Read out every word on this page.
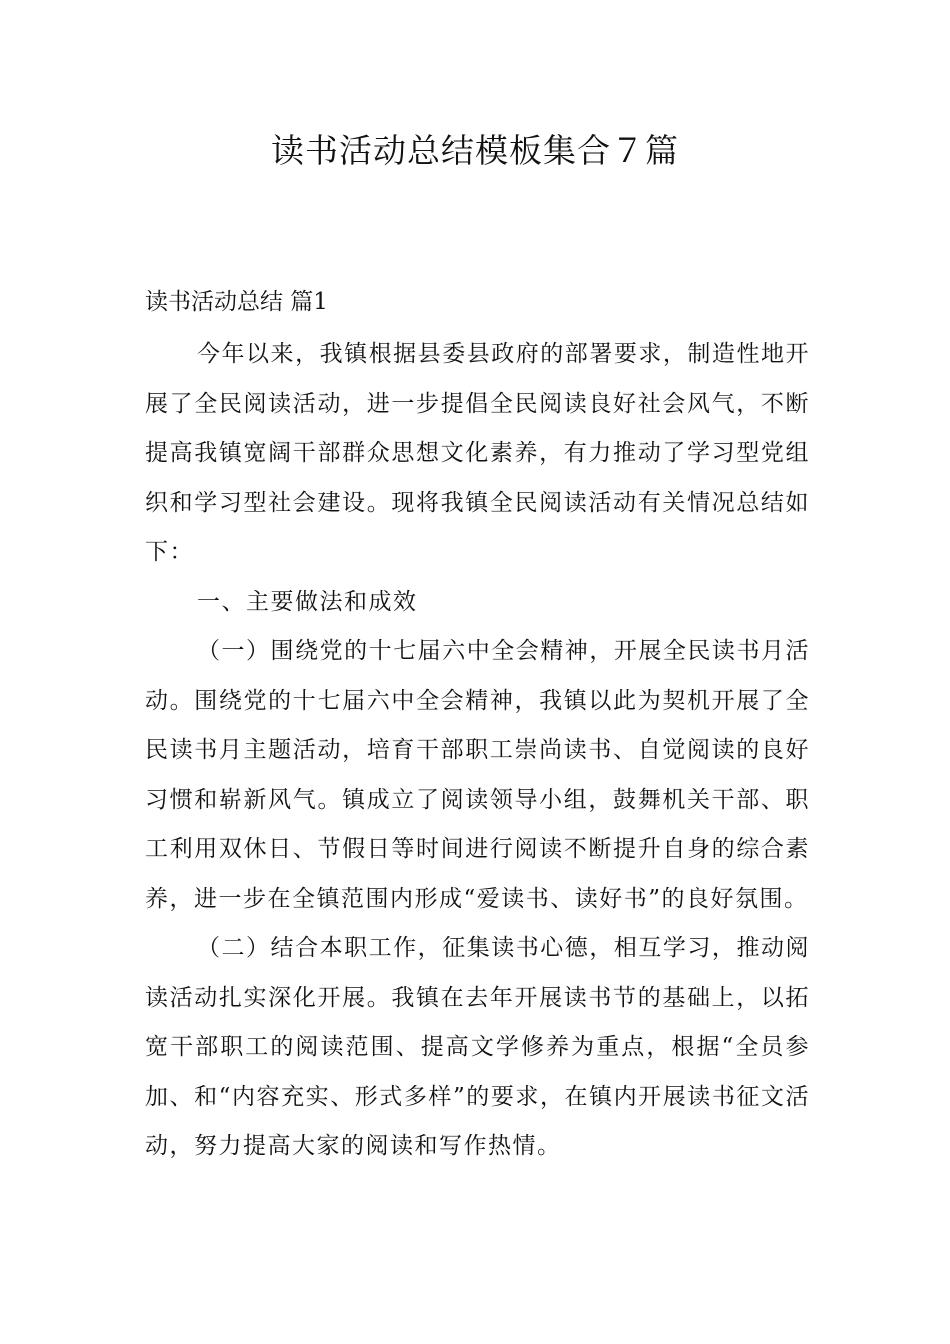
读书活动总结模板集合７篇

读书活动总结 篇1

今年以来，我镇根据县委县政府的部署要求，制造性地开展了全民阅读活动，进一步提倡全民阅读良好社会风气，不断提高我镇宽阔干部群众思想文化素养，有力推动了学习型党组织和学习型社会建设。现将我镇全民阅读活动有关情况总结如下：

一、主要做法和成效

（一）围绕党的十七届六中全会精神，开展全民读书月活动。围绕党的十七届六中全会精神，我镇以此为契机开展了全民读书月主题活动，培育干部职工崇尚读书、自觉阅读的良好习惯和崭新风气。镇成立了阅读领导小组，鼓舞机关干部、职工利用双休日、节假日等时间进行阅读不断提升自身的综合素养，进一步在全镇范围内形成“爱读书、读好书”的良好氛围。

（二）结合本职工作，征集读书心德，相互学习，推动阅读活动扎实深化开展。我镇在去年开展读书节的基础上，以拓宽干部职工的阅读范围、提高文学修养为重点，根据“全员参加、和“内容充实、形式多样”的要求，在镇内开展读书征文活动，努力提高大家的阅读和写作热情。
